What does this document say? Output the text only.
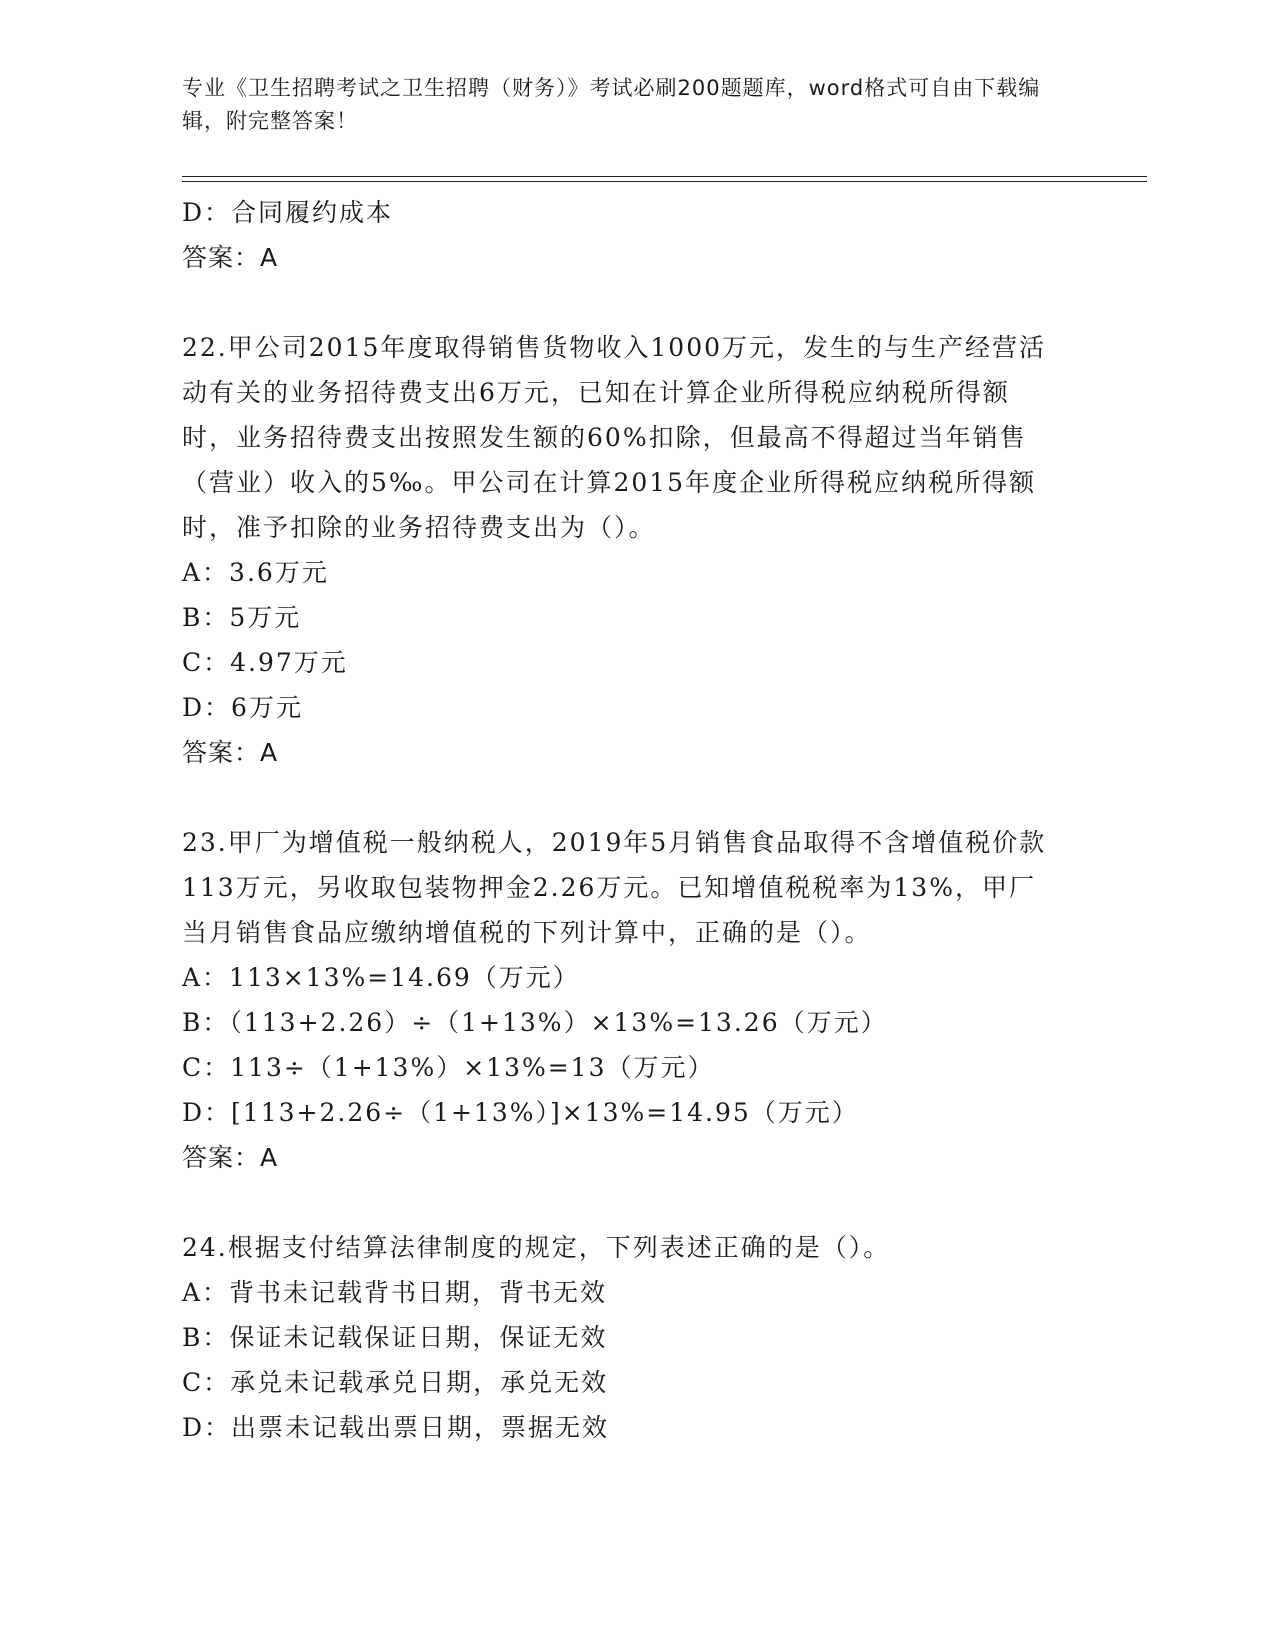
专业《卫生招聘考试之卫生招聘（财务）》考试必刷200题题库，word格式可自由下载编辑，附完整答案！

D：合同履约成本

答案：A

22.甲公司2015年度取得销售货物收入1000万元，发生的与生产经营活动有关的业务招待费支出6万元，已知在计算企业所得税应纳税所得额时，业务招待费支出按照发生额的60%扣除，但最高不得超过当年销售（营业）收入的5‰。甲公司在计算2015年度企业所得税应纳税所得额时，准予扣除的业务招待费支出为（）。

A：3.6万元

B：5万元

C：4.97万元

D：6万元

答案：A

23.甲厂为增值税一般纳税人，2019年5月销售食品取得不含增值税价款113万元，另收取包装物押金2.26万元。已知增值税税率为13%，甲厂当月销售食品应缴纳增值税的下列计算中，正确的是（）。

A：113×13%=14.69（万元）

B：（113+2.26）÷（1+13%）×13%=13.26（万元）

C：113÷（1+13%）×13%=13（万元）

D：[113+2.26÷（1+13%）]×13%=14.95（万元）

答案：A

24.根据支付结算法律制度的规定，下列表述正确的是（）。

A：背书未记载背书日期，背书无效

B：保证未记载保证日期，保证无效

C：承兑未记载承兑日期，承兑无效

D：出票未记载出票日期，票据无效
